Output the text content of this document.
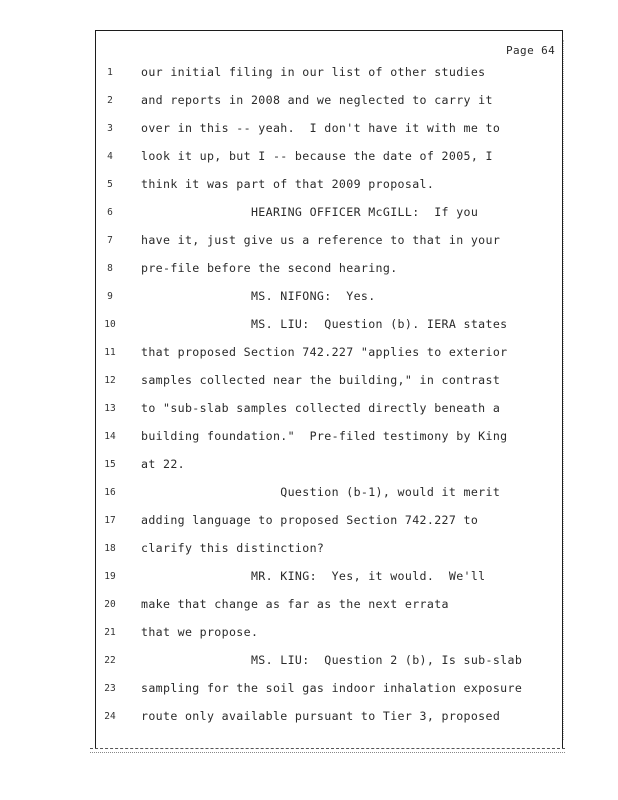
Page 64
1	our initial filing in our list of other studies
2	and reports in 2008 and we neglected to carry it
3	over in this -- yeah.  I don't have it with me to
4	look it up, but I -- because the date of 2005, I
5	think it was part of that 2009 proposal.
6	HEARING OFFICER McGILL:  If you
7	have it, just give us a reference to that in your
8	pre-file before the second hearing.
9	MS. NIFONG:  Yes.
10	MS. LIU:  Question (b). IERA states
11	that proposed Section 742.227 "applies to exterior
12	samples collected near the building," in contrast
13	to "sub-slab samples collected directly beneath a
14	building foundation."  Pre-filed testimony by King
15	at 22.
16	Question (b-1), would it merit
17	adding language to proposed Section 742.227 to
18	clarify this distinction?
19	MR. KING:  Yes, it would.  We'll
20	make that change as far as the next errata
21	that we propose.
22	MS. LIU:  Question 2 (b), Is sub-slab
23	sampling for the soil gas indoor inhalation exposure
24	route only available pursuant to Tier 3, proposed
